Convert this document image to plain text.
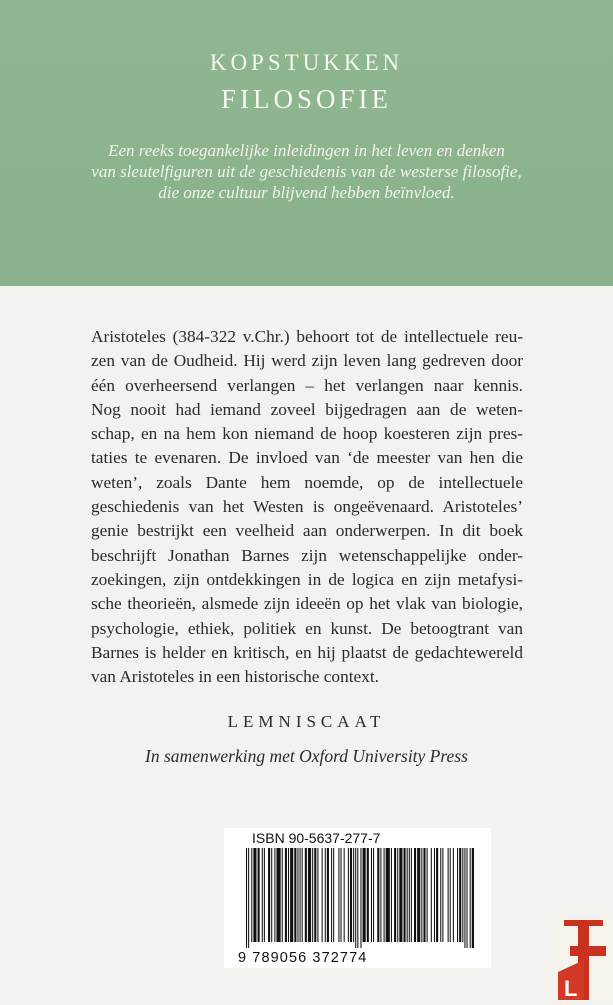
KOPSTUKKEN
FILOSOFIE
Een reeks toegankelijke inleidingen in het leven en denken
van sleutelfiguren uit de geschiedenis van de westerse filosofie,
die onze cultuur blijvend hebben beïnvloed.
Aristoteles (384-322 v.Chr.) behoort tot de intellectuele reu-
zen van de Oudheid. Hij werd zijn leven lang gedreven door
één overheersend verlangen – het verlangen naar kennis.
Nog nooit had iemand zoveel bijgedragen aan de weten-
schap, en na hem kon niemand de hoop koesteren zijn pres-
taties te evenaren. De invloed van ‘de meester van hen die
weten’, zoals Dante hem noemde, op de intellectuele
geschiedenis van het Westen is ongeëvenaard. Aristoteles’
genie bestrijkt een veelheid aan onderwerpen. In dit boek
beschrijft Jonathan Barnes zijn wetenschappelijke onder-
zoekingen, zijn ontdekkingen in de logica en zijn metafysi-
sche theorieën, alsmede zijn ideeën op het vlak van biologie,
psychologie, ethiek, politiek en kunst. De betoogtrant van
Barnes is helder en kritisch, en hij plaatst de gedachtewereld
van Aristoteles in een historische context.
LEMNISCAAT
In samenwerking met Oxford University Press
ISBN 90-5637-277-7
9 789056 372774
L
